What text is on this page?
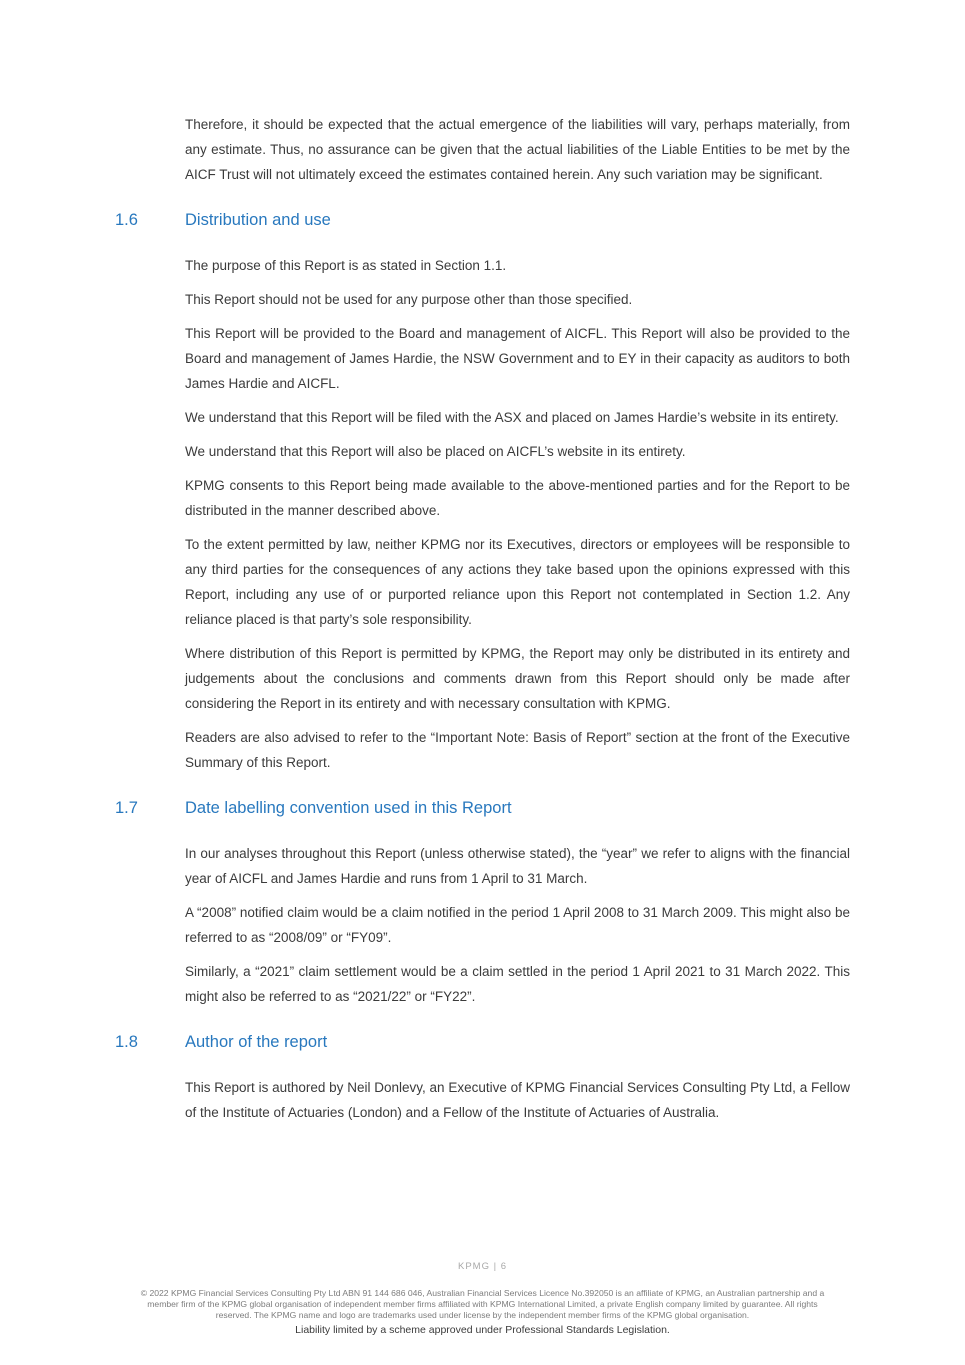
Therefore, it should be expected that the actual emergence of the liabilities will vary, perhaps materially, from any estimate. Thus, no assurance can be given that the actual liabilities of the Liable Entities to be met by the AICF Trust will not ultimately exceed the estimates contained herein. Any such variation may be significant.

1.6	Distribution and use

The purpose of this Report is as stated in Section 1.1.

This Report should not be used for any purpose other than those specified.

This Report will be provided to the Board and management of AICFL. This Report will also be provided to the Board and management of James Hardie, the NSW Government and to EY in their capacity as auditors to both James Hardie and AICFL.

We understand that this Report will be filed with the ASX and placed on James Hardie’s website in its entirety.

We understand that this Report will also be placed on AICFL’s website in its entirety.

KPMG consents to this Report being made available to the above-mentioned parties and for the Report to be distributed in the manner described above.

To the extent permitted by law, neither KPMG nor its Executives, directors or employees will be responsible to any third parties for the consequences of any actions they take based upon the opinions expressed with this Report, including any use of or purported reliance upon this Report not contemplated in Section 1.2. Any reliance placed is that party’s sole responsibility.

Where distribution of this Report is permitted by KPMG, the Report may only be distributed in its entirety and judgements about the conclusions and comments drawn from this Report should only be made after considering the Report in its entirety and with necessary consultation with KPMG.

Readers are also advised to refer to the “Important Note: Basis of Report” section at the front of the Executive Summary of this Report.

1.7	Date labelling convention used in this Report

In our analyses throughout this Report (unless otherwise stated), the “year” we refer to aligns with the financial year of AICFL and James Hardie and runs from 1 April to 31 March.

A “2008” notified claim would be a claim notified in the period 1 April 2008 to 31 March 2009. This might also be referred to as “2008/09” or “FY09”.

Similarly, a “2021” claim settlement would be a claim settled in the period 1 April 2021 to 31 March 2022. This might also be referred to as “2021/22” or “FY22”.

1.8	Author of the report

This Report is authored by Neil Donlevy, an Executive of KPMG Financial Services Consulting Pty Ltd, a Fellow of the Institute of Actuaries (London) and a Fellow of the Institute of Actuaries of Australia.

KPMG | 6
© 2022 KPMG Financial Services Consulting Pty Ltd ABN 91 144 686 046, Australian Financial Services Licence No.392050 is an affiliate of KPMG, an Australian partnership and a member firm of the KPMG global organisation of independent member firms affiliated with KPMG International Limited, a private English company limited by guarantee. All rights reserved. The KPMG name and logo are trademarks used under license by the independent member firms of the KPMG global organisation.
Liability limited by a scheme approved under Professional Standards Legislation.
